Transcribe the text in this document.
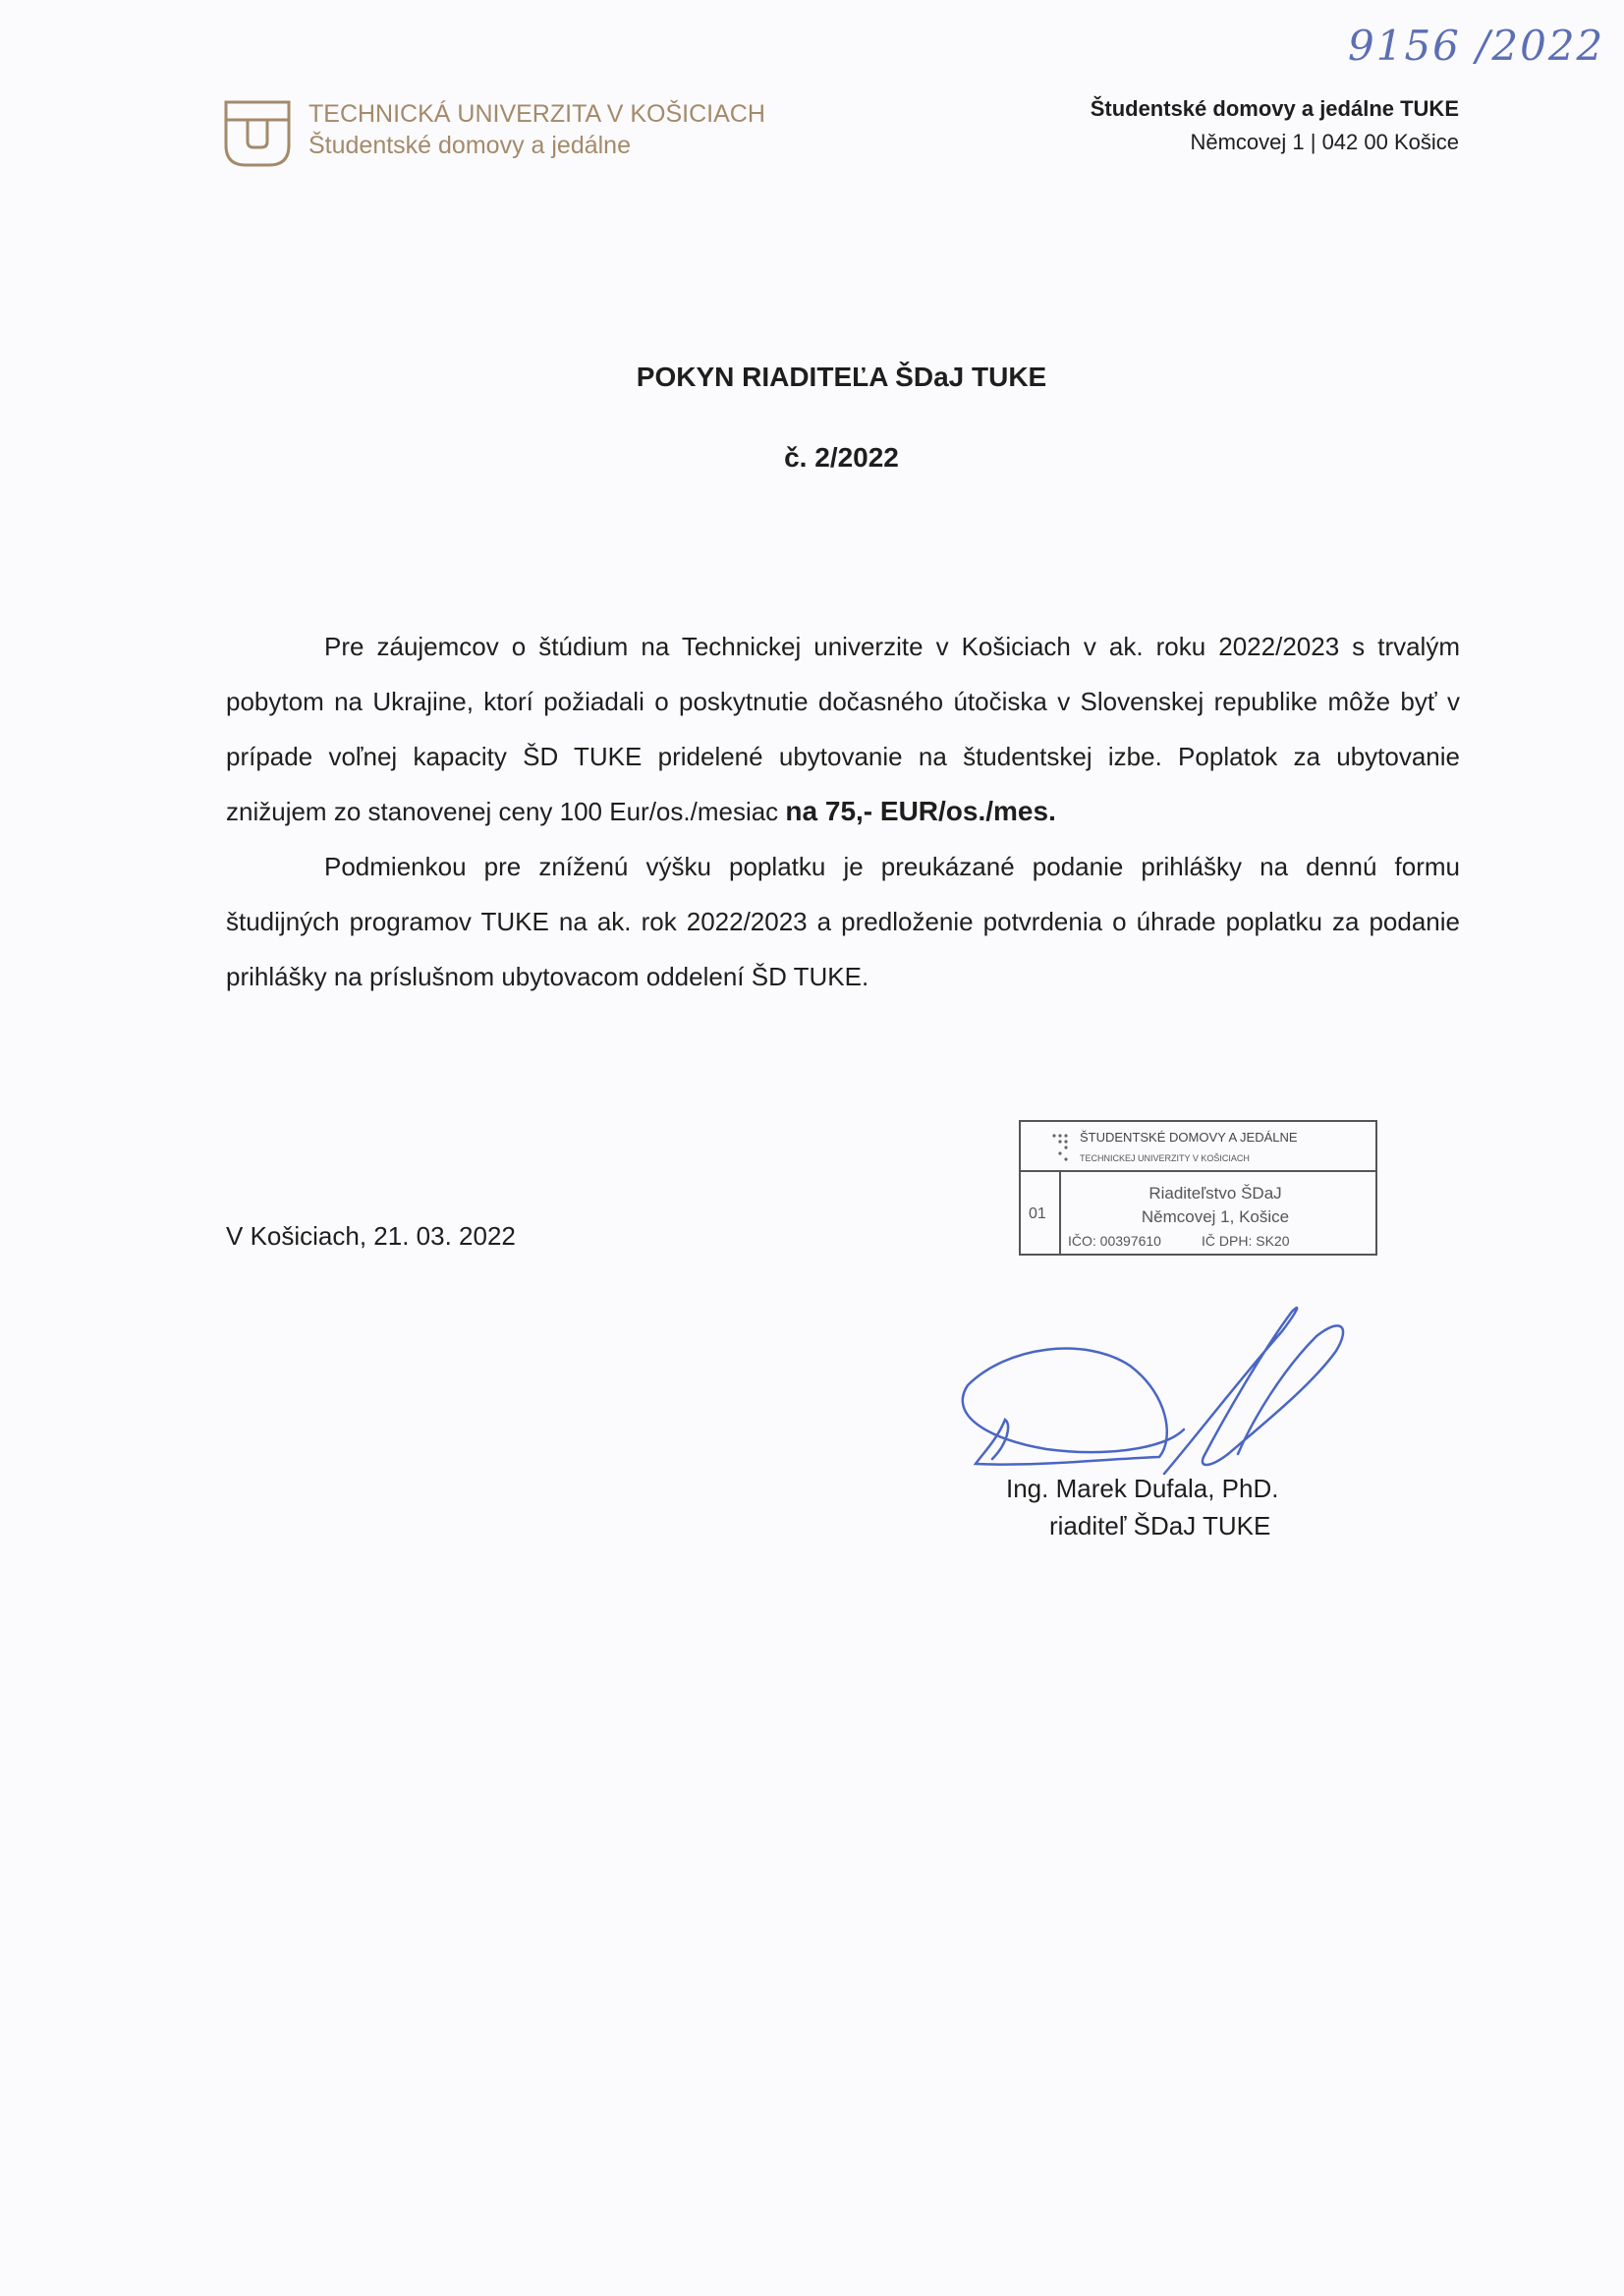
9156 /2022
TECHNICKÁ UNIVERZITA V KOŠICIACH
Študentské domovy a jedálne
Študentské domovy a jedálne TUKE
Němcovej 1 | 042 00 Košice
POKYN RIADITEĽA ŠDaJ TUKE
č. 2/2022

Pre záujemcov o štúdium na Technickej univerzite v Košiciach v ak. roku 2022/2023 s trvalým pobytom na Ukrajine, ktorí požiadali o poskytnutie dočasného útočiska v Slovenskej republike môže byť v prípade voľnej kapacity ŠD TUKE pridelené ubytovanie na študentskej izbe. Poplatok za ubytovanie znižujem zo stanovenej ceny 100 Eur/os./mesiac na 75,- EUR/os./mes.

Podmienkou pre zníženú výšku poplatku je preukázané podanie prihlášky na dennú formu študijných programov TUKE na ak. rok 2022/2023 a predloženie potvrdenia o úhrade poplatku za podanie prihlášky na príslušnom ubytovacom oddelení ŠD TUKE.

ŠTUDENTSKÉ DOMOVY A JEDÁLNE
TECHNICKEJ UNIVERZITY V KOŠICIACH
01
Riaditeľstvo ŠDaJ
Němcovej 1, Košice
IČO: 00397610	IČ DPH: SK20
V Košiciach, 21. 03. 2022
Ing. Marek Dufala, PhD.
riaditeľ ŠDaJ TUKE
